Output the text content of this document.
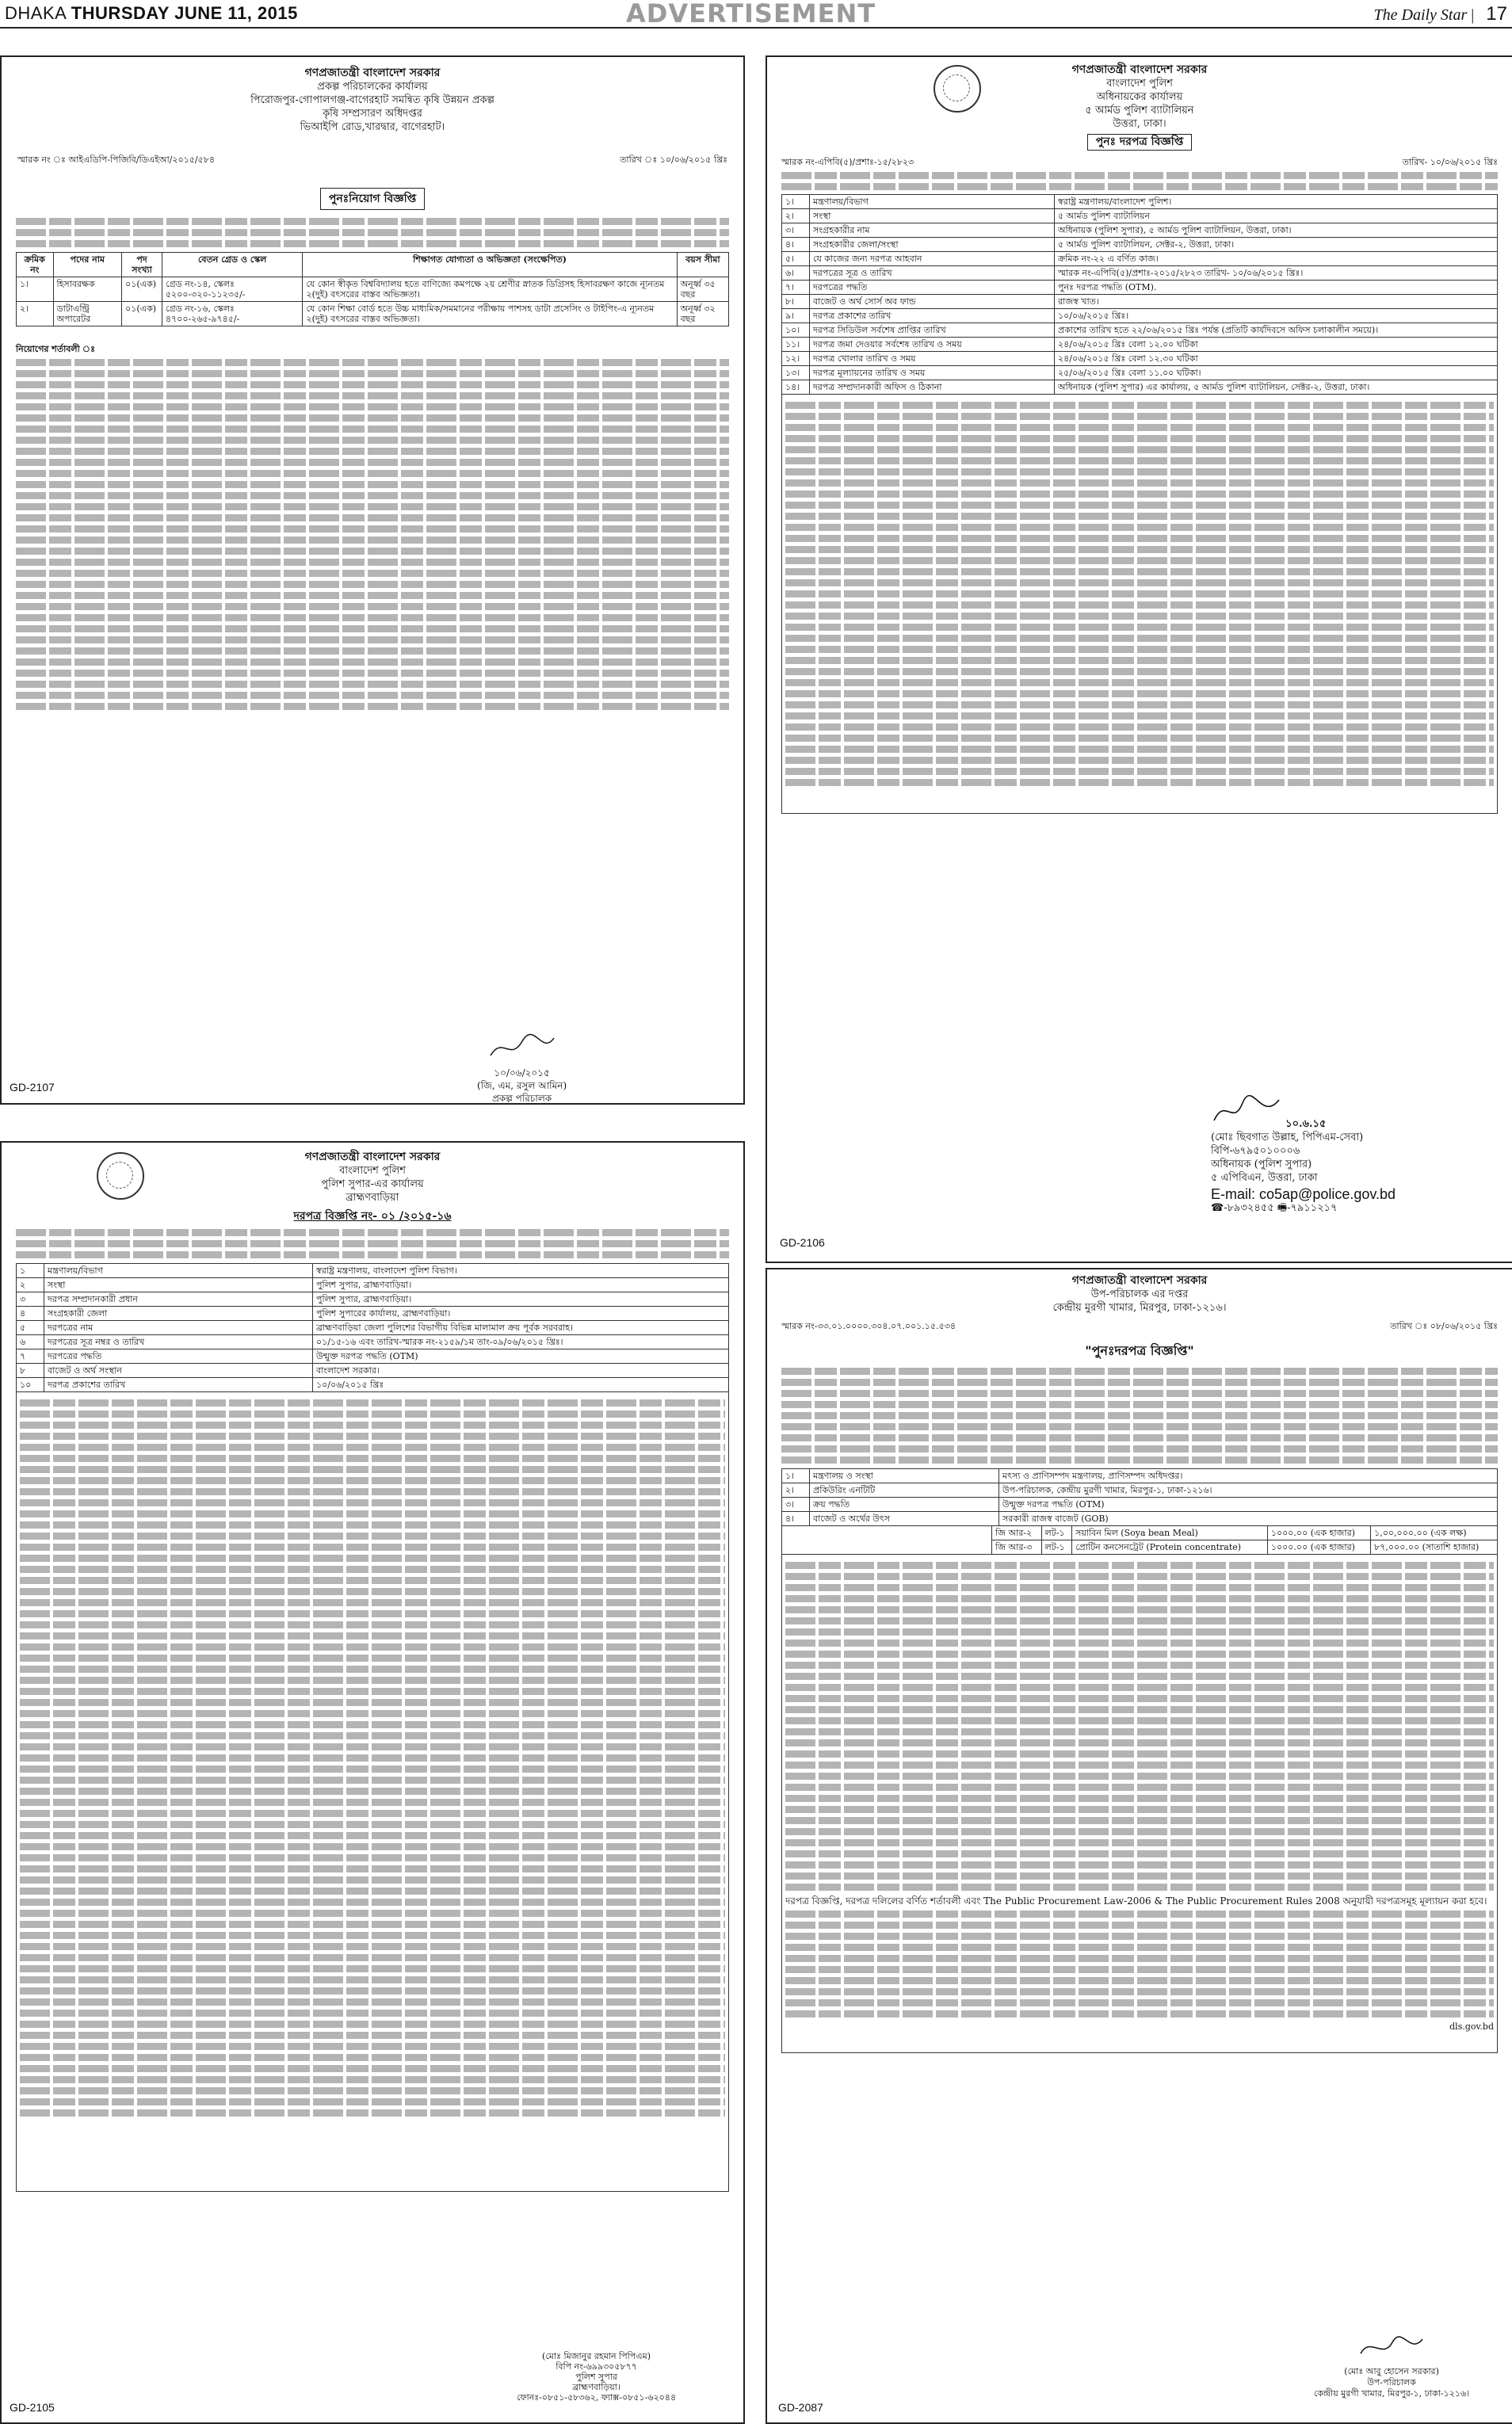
DHAKA THURSDAY JUNE 11, 2015	ADVERTISEMENT	The Daily Star | 17
গণপ্রজাতন্ত্রী বাংলাদেশ সরকার
প্রকল্প পরিচালকের কার্যালয়
পিরোজপুর-গোপালগঞ্জ-বাগেরহাট সমন্বিত কৃষি উন্নয়ন প্রকল্প
কৃষি সম্প্রসারণ অধিদপ্তর
ভিআইপি রোড,খারদ্বার, বাগেরহাট।
স্মারক নং ঃ আইএডিপি-পিজিবি/ডিএইআ/২০১৫/৫৮৪	তারিখ ঃ ১০/০৬/২০১৫ খ্রিঃ
পুনঃনিয়োগ বিজ্ঞপ্তি
ক্রমিক নং	পদের নাম	পদ সংখ্যা	বেতন গ্রেড ও স্কেল	শিক্ষাগত যোগ্যতা ও অভিজ্ঞতা (সংক্ষেপিত)	বয়স সীমা
১।	হিসাবরক্ষক	০১(এক)	গ্রেড নং-১৪, স্কেলঃ ৫২০০-৩২০-১১২৩৫/-	যে কোন স্বীকৃত বিশ্ববিদ্যালয় হতে বাণিজ্যে কমপক্ষে ২য় শ্রেণীর স্নাতক ডিগ্রিসহ হিসাবরক্ষণ কাজে ন্যূনতম ২(দুই) বৎসরের বাস্তব অভিজ্ঞতা।	অনূর্ধ্ব ৩৫ বছর
২।	ডাটাএন্ট্রি অপারেটর	০১(এক)	গ্রেড নং-১৬, স্কেলঃ ৪৭০০-২৬৫-৯৭৪৫/-	যে কোন শিক্ষা বোর্ড হতে উচ্চ মাধ্যমিক/সমমানের পরীক্ষায় পাশসহ ডাটা প্রসেসিং ও টাইপিং-এ ন্যূনতম ২(দুই) বৎসরের বাস্তব অভিজ্ঞতা।	অনূর্ধ্ব ৩২ বছর
নিয়োগের শর্তাবলী ঃ
১০/০৬/২০১৫
(জি, এম, রসুল আমিন)
প্রকল্প পরিচালক
GD-2107
গণপ্রজাতন্ত্রী বাংলাদেশ সরকার
বাংলাদেশ পুলিশ
অধিনায়কের কার্যালয়
৫ আর্মড পুলিশ ব্যাটালিয়ন
উত্তরা, ঢাকা।
পুনঃ দরপত্র বিজ্ঞপ্তি
স্মারক নং-এপিবি(৫)/প্রশাঃ-১৫/২৮২৩	তারিখ- ১০/০৬/২০১৫ খ্রিঃ
১।	মন্ত্রণালয়/বিভাগ	স্বরাষ্ট্র মন্ত্রণালয়/বাংলাদেশ পুলিশ।
২।	সংস্থা	৫ আর্মড পুলিশ ব্যাটালিয়ন
৩।	সংগ্রহকারীর নাম	অধিনায়ক (পুলিশ সুপার), ৫ আর্মড পুলিশ ব্যাটালিয়ন, উত্তরা, ঢাকা।
৪।	সংগ্রহকারীর জেলা/সংস্থা	৫ আর্মড পুলিশ ব্যাটালিয়ন, সেক্টর-২, উত্তরা, ঢাকা।
৫।	যে কাজের জন্য দরপত্র আহবান	ক্রমিক নং-২২ এ বর্ণিত কাজ।
৬।	দরপত্রের সূত্র ও তারিখ	স্মারক নং-এপিবি(৫)/প্রশাঃ-২০১৫/২৮২৩ তারিখ- ১০/০৬/২০১৫ খ্রিঃ।
৭।	দরপত্রের পদ্ধতি	পুনঃ দরপত্র পদ্ধতি (OTM).
৮।	বাজেট ও অর্থ সোর্স অব ফান্ড	রাজস্ব খাত।
৯।	দরপত্র প্রকাশের তারিখ	১০/০৬/২০১৫ খ্রিঃ।
১০।	দরপত্র সিডিউল সর্বশেষ প্রাপ্তির তারিখ	প্রকাশের তারিখ হতে ২২/০৬/২০১৫ খ্রিঃ পর্যন্ত (প্রতিটি কার্যদিবসে অফিস চলাকালীন সময়ে)।
১১।	দরপত্র জমা দেওয়ার সর্বশেষ তারিখ ও সময়	২৪/০৬/২০১৫ খ্রিঃ বেলা ১২.০০ ঘটিকা
১২।	দরপত্র খোলার তারিখ ও সময়	২৪/০৬/২০১৫ খ্রিঃ বেলা ১২.৩০ ঘটিকা
১৩।	দরপত্র মূল্যায়নের তারিখ ও সময়	২৫/০৬/২০১৫ খ্রিঃ বেলা ১১.০০ ঘটিকা।
১৪।	দরপত্র সম্প্রদানকারী অফিস ও ঠিকানা	অধিনায়ক (পুলিশ সুপার) এর কার্যালয়, ৫ আর্মড পুলিশ ব্যাটালিয়ন, সেক্টর-২, উত্তরা, ঢাকা।
১০.৬.১৫
(মোঃ ছিবগাত উল্লাহ, পিপিএম-সেবা)
বিপি-৬৭৯৫০১০০০৬
অধিনায়ক (পুলিশ সুপার)
৫ এপিবিএন, উত্তরা, ঢাকা
E-mail: co5ap@police.gov.bd
☎-৮৯৩২৪৫৫ 🖷-৭৯১১২১৭
GD-2106
গণপ্রজাতন্ত্রী বাংলাদেশ সরকার
বাংলাদেশ পুলিশ
পুলিশ সুপার-এর কার্যালয়
ব্রাহ্মণবাড়িয়া
দরপত্র বিজ্ঞপ্তি নং- ০১ /২০১৫-১৬
১	মন্ত্রণালয়/বিভাগ	স্বরাষ্ট্র মন্ত্রণালয়, বাংলাদেশ পুলিশ বিভাগ।
২	সংস্থা	পুলিশ সুপার, ব্রাহ্মণবাড়িয়া।
৩	দরপত্র সম্প্রদানকারী প্রধান	পুলিশ সুপার, ব্রাহ্মণবাড়িয়া।
৪	সংগ্রহকারী জেলা	পুলিশ সুপারের কার্যালয়, ব্রাহ্মণবাড়িয়া।
৫	দরপত্রের নাম	ব্রাহ্মণবাড়িয়া জেলা পুলিশের বিভাগীয় বিভিন্ন মালামাল ক্রয় পূর্বক সরবরাহ।
৬	দরপত্রের সূত্র নম্বর ও তারিখ	০১/১৫-১৬ এবং তারিখ-স্মারক নং-২১৫৯/১ম তাং-০৯/০৬/২০১৫ খ্রিঃ।
৭	দরপত্রের পদ্ধতি	উন্মুক্ত দরপত্র পদ্ধতি (OTM)
৮	বাজেট ও অর্থ সংস্থান	বাংলাদেশ সরকার।
১০	দরপত্র প্রকাশের তারিখ	১০/০৬/২০১৫ খ্রিঃ
(মোঃ মিজানুর রহমান পিপিএম)
বিপি নং-৬৯৯৩০৫৮৭৭
পুলিশ সুপার
ব্রাহ্মণবাড়িয়া।
ফোনঃ-০৮৫১-৫৮৩৬২, ফ্যাক্স-০৮৫১-৬২০৪৪
GD-2105
গণপ্রজাতন্ত্রী বাংলাদেশ সরকার
উপ-পরিচালক এর দপ্তর
কেন্দ্রীয় মুরগী খামার, মিরপুর, ঢাকা-১২১৬।
স্মারক নং-৩৩.০১.০০০০.৩০৪.০৭.০০১.১৫.৫৩৪	তারিখ ঃ ০৮/০৬/২০১৫ খ্রিঃ
"পুনঃদরপত্র বিজ্ঞপ্তি"
১।	মন্ত্রণালয় ও সংস্থা	মৎস্য ও প্রাণিসম্পদ মন্ত্রণালয়, প্রাণিসম্পদ অধিদপ্তর।
২।	প্রকিউরিং এনটিটি	উপ-পরিচালক, কেন্দ্রীয় মুরগী খামার, মিরপুর-১, ঢাকা-১২১৬।
৩।	ক্রয় পদ্ধতি	উন্মুক্ত দরপত্র পদ্ধতি (OTM)
৪।	বাজেট ও অর্থের উৎস	সরকারী রাজস্ব বাজেট (GOB)
	জি আর-২	লট-১	সয়াবিন মিল (Soya bean Meal)	১০০০.০০ (এক হাজার)	১,০০,০০০.০০ (এক লক্ষ)
	জি আর-৩	লট-১	প্রোটিন কনসেনট্রেট (Protein concentrate)	১০০০.০০ (এক হাজার)	৮৭,০০০.০০ (সাতাশি হাজার)
দরপত্র বিজ্ঞপ্তি, দরপত্র দলিলের বর্ণিত শর্তাবলী এবং The Public Procurement Law-2006 & The Public Procurement Rules 2008 অনুযায়ী দরপত্রসমূহ মূল্যায়ন করা হবে।
dls.gov.bd
(মোঃ আবু হোসেন সরকার)
উপ-পরিচালক
কেন্দ্রীয় মুরগী খামার, মিরপুর-১, ঢাকা-১২১৬।
GD-2087
